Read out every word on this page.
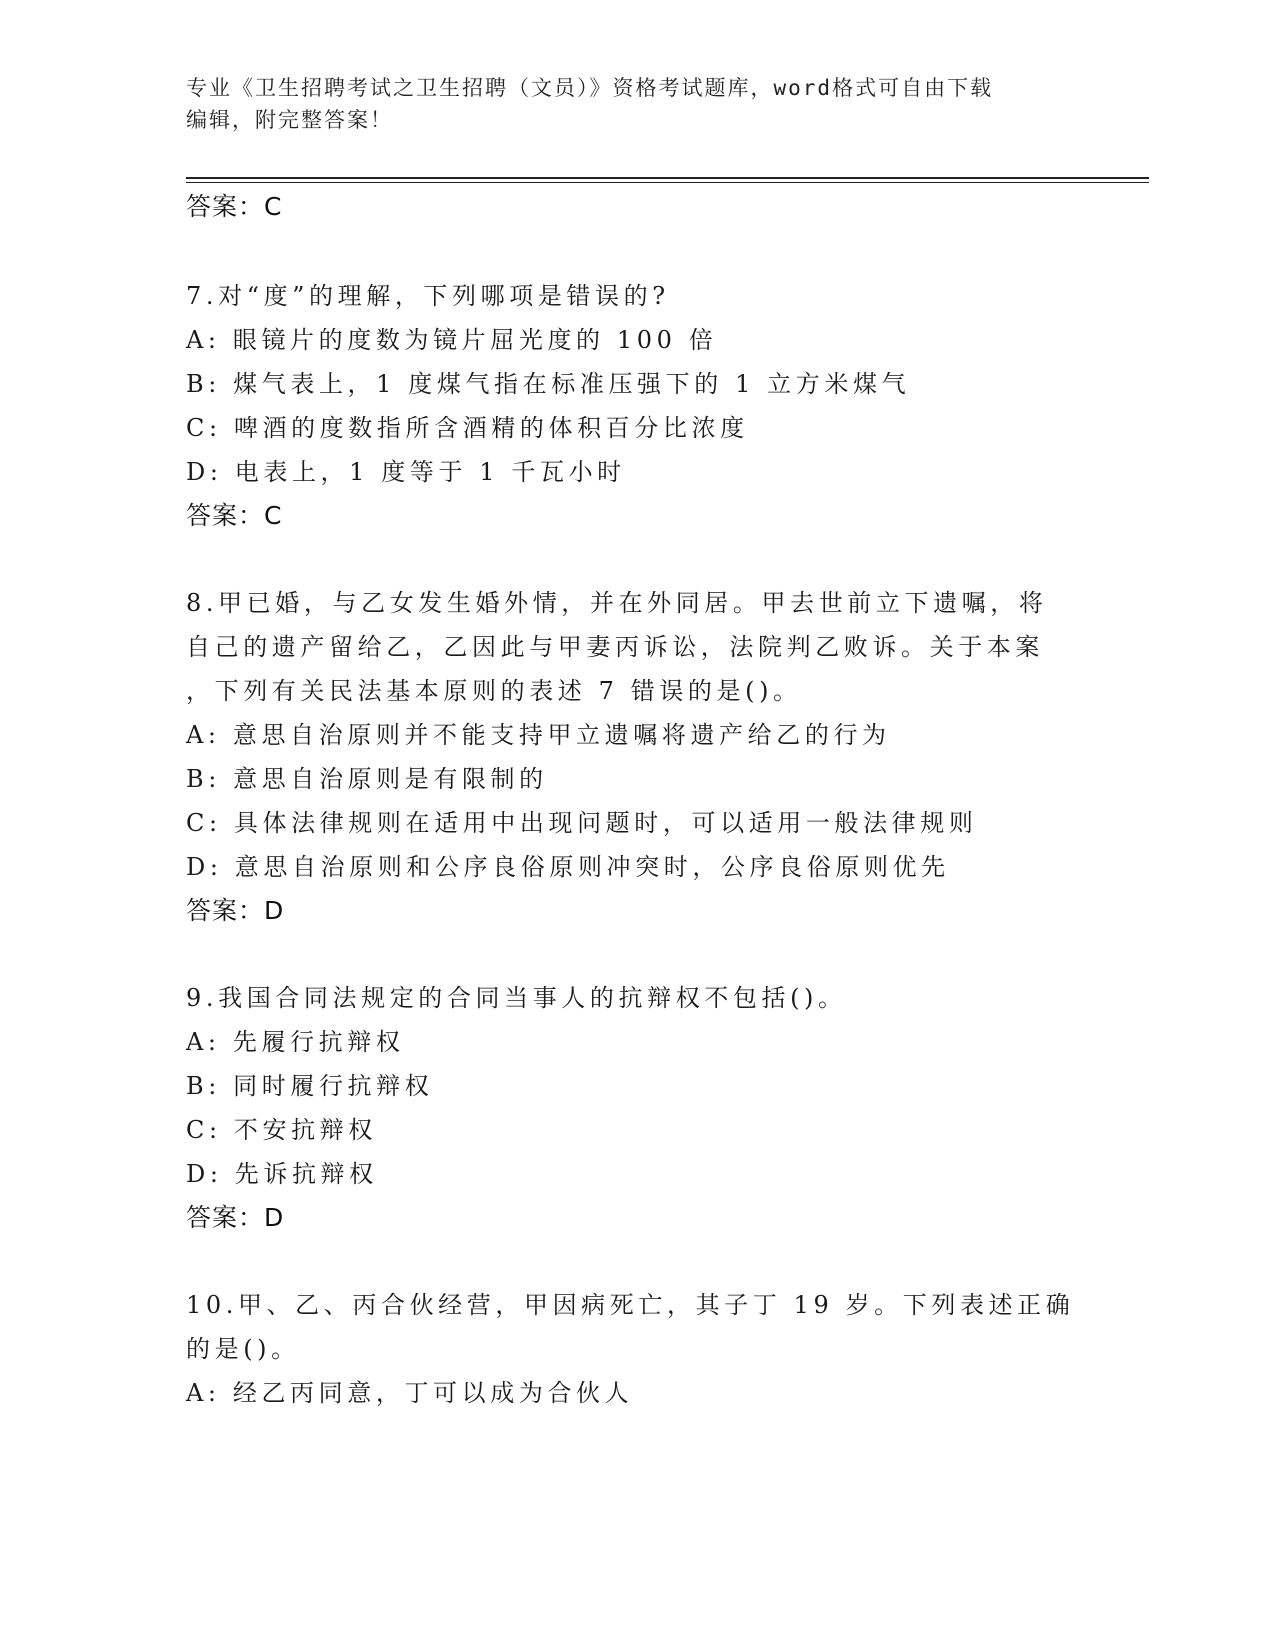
专业《卫生招聘考试之卫生招聘（文员）》资格考试题库，word格式可自由下载
编辑，附完整答案！
答案：C
7.对“度”的理解，下列哪项是错误的?
A: 眼镜片的度数为镜片屈光度的 100 倍
B: 煤气表上，1 度煤气指在标准压强下的 1 立方米煤气
C: 啤酒的度数指所含酒精的体积百分比浓度
D: 电表上，1 度等于 1 千瓦小时
答案：C
8.甲已婚，与乙女发生婚外情，并在外同居。甲去世前立下遗嘱，将
自己的遗产留给乙，乙因此与甲妻丙诉讼，法院判乙败诉。关于本案
，下列有关民法基本原则的表述 7 错误的是()。
A: 意思自治原则并不能支持甲立遗嘱将遗产给乙的行为
B: 意思自治原则是有限制的
C: 具体法律规则在适用中出现问题时，可以适用一般法律规则
D: 意思自治原则和公序良俗原则冲突时，公序良俗原则优先
答案：D
9.我国合同法规定的合同当事人的抗辩权不包括()。
A: 先履行抗辩权
B: 同时履行抗辩权
C: 不安抗辩权
D: 先诉抗辩权
答案：D
10.甲、乙、丙合伙经营，甲因病死亡，其子丁 19 岁。下列表述正确
的是()。
A: 经乙丙同意，丁可以成为合伙人
